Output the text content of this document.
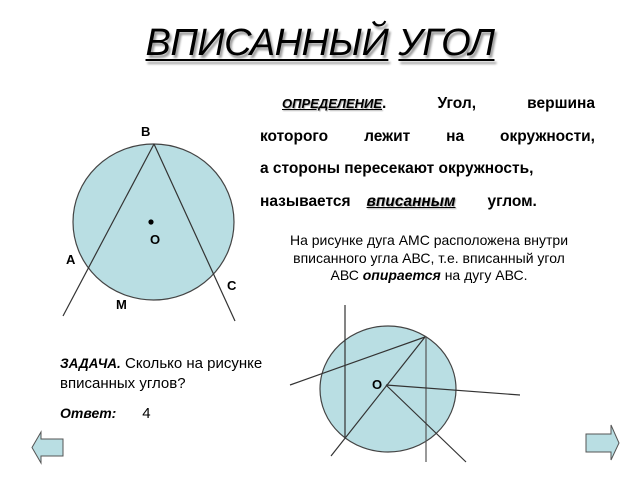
ВПИСАННЫЙ УГОЛ
ОПРЕДЕЛЕНИЕ.	Угол,	вершина
которого лежит на окружности,
а стороны пересекают окружность,
называется вписанным углом.
На рисунке дуга АМС расположена внутри вписанного угла АВС, т.е. вписанный угол АВС опирается на дугу АВС.
В
О
А
С
М
О
ЗАДАЧА. Сколько на рисунке вписанных углов?
Ответ: 4
